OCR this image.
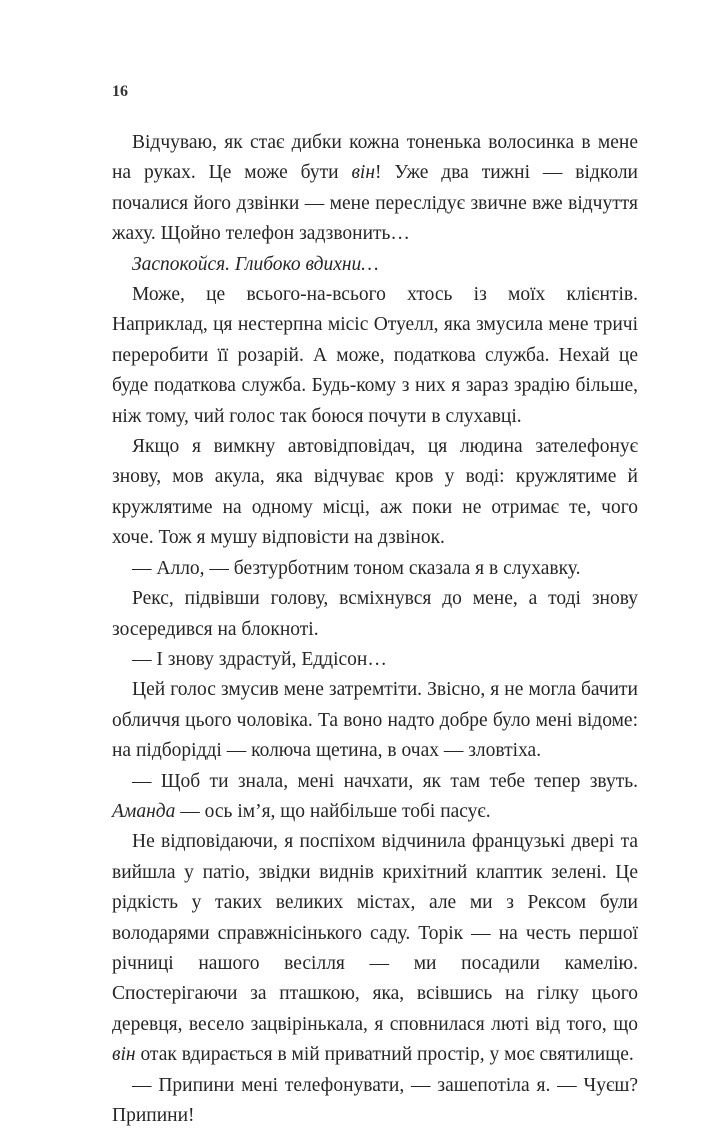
16

Відчуваю, як стає дибки кожна тоненька волосинка в мене на руках. Це може бути він! Уже два тижні — відколи почалися його дзвінки — мене переслідує звичне вже відчуття жаху. Щойно телефон задзвонить…

Заспокойся. Глибоко вдихни…

Може, це всього-на-всього хтось із моїх клієнтів. Наприклад, ця нестерпна місіс Отуелл, яка змусила мене тричі переробити її розарій. А може, податкова служба. Нехай це буде податкова служба. Будь-кому з них я зараз зрадію більше, ніж тому, чий голос так боюся почути в слухавці.

Якщо я вимкну автовідповідач, ця людина зателефонує знову, мов акула, яка відчуває кров у воді: кружлятиме й кружлятиме на одному місці, аж поки не отримає те, чого хоче. Тож я мушу відповісти на дзвінок.

— Алло, — безтурботним тоном сказала я в слухавку.

Рекс, підвівши голову, всміхнувся до мене, а тоді знову зосередився на блокноті.

— І знову здрастуй, Еддісон…

Цей голос змусив мене затремтіти. Звісно, я не могла бачити обличчя цього чоловіка. Та воно надто добре було мені відоме: на підборідді — колюча щетина, в очах — зловтіха.

— Щоб ти знала, мені начхати, як там тебе тепер звуть. Аманда — ось ім’я, що найбільше тобі пасує.

Не відповідаючи, я поспіхом відчинила французькі двері та вийшла у патіо, звідки виднів крихітний клаптик зелені. Це рідкість у таких великих містах, але ми з Рексом були володарями справжнісінького саду. Торік — на честь першої річниці нашого весілля — ми посадили камелію. Спостерігаючи за пташкою, яка, всівшись на гілку цього деревця, весело зацвірінькала, я сповнилася люті від того, що він отак вдирається в мій приватний простір, у моє святилище.

— Припини мені телефонувати, — зашепотіла я. — Чуєш? Припини!
